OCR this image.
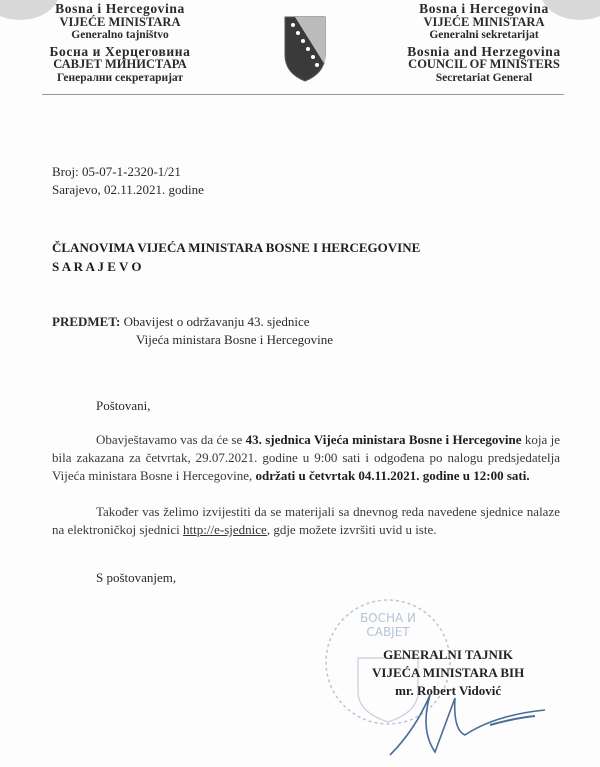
Bosna i Hercegovina
VIJEĆE MINISTARA
Generalno tajništvo
Босна и Херцеговина
САВЈЕТ МИНИСТАРА
Генерални секретаријат
Bosna i Hercegovina
VIJEĆE MINISTARA
Generalni sekretarijat
Bosnia and Herzegovina
COUNCIL OF MINISTERS
Secretariat General
Broj: 05-07-1-2320-1/21
Sarajevo, 02.11.2021. godine
ČLANOVIMA VIJEĆA MINISTARA BOSNE I HERCEGOVINE
S A R A J E V O
PREDMET: Obavijest o održavanju 43. sjednice
Vijeća ministara Bosne i Hercegovine
Poštovani,
Obavještavamo vas da će se 43. sjednica Vijeća ministara Bosne i Hercegovine koja je bila zakazana za četvrtak, 29.07.2021. godine u 9:00 sati i odgođena po nalogu predsjedatelja Vijeća ministara Bosne i Hercegovine, održati u četvrtak 04.11.2021. godine u 12:00 sati.
Također vas želimo izvijestiti da se materijali sa dnevnog reda navedene sjednice nalaze na elektroničkoj sjednici http://e-sjednice, gdje možete izvršiti uvid u iste.
S poštovanjem,
БОСНА И
САВЈЕТ
GENERALNI TAJNIK
VIJEĆA MINISTARA BIH
mr. Robert Vidović
